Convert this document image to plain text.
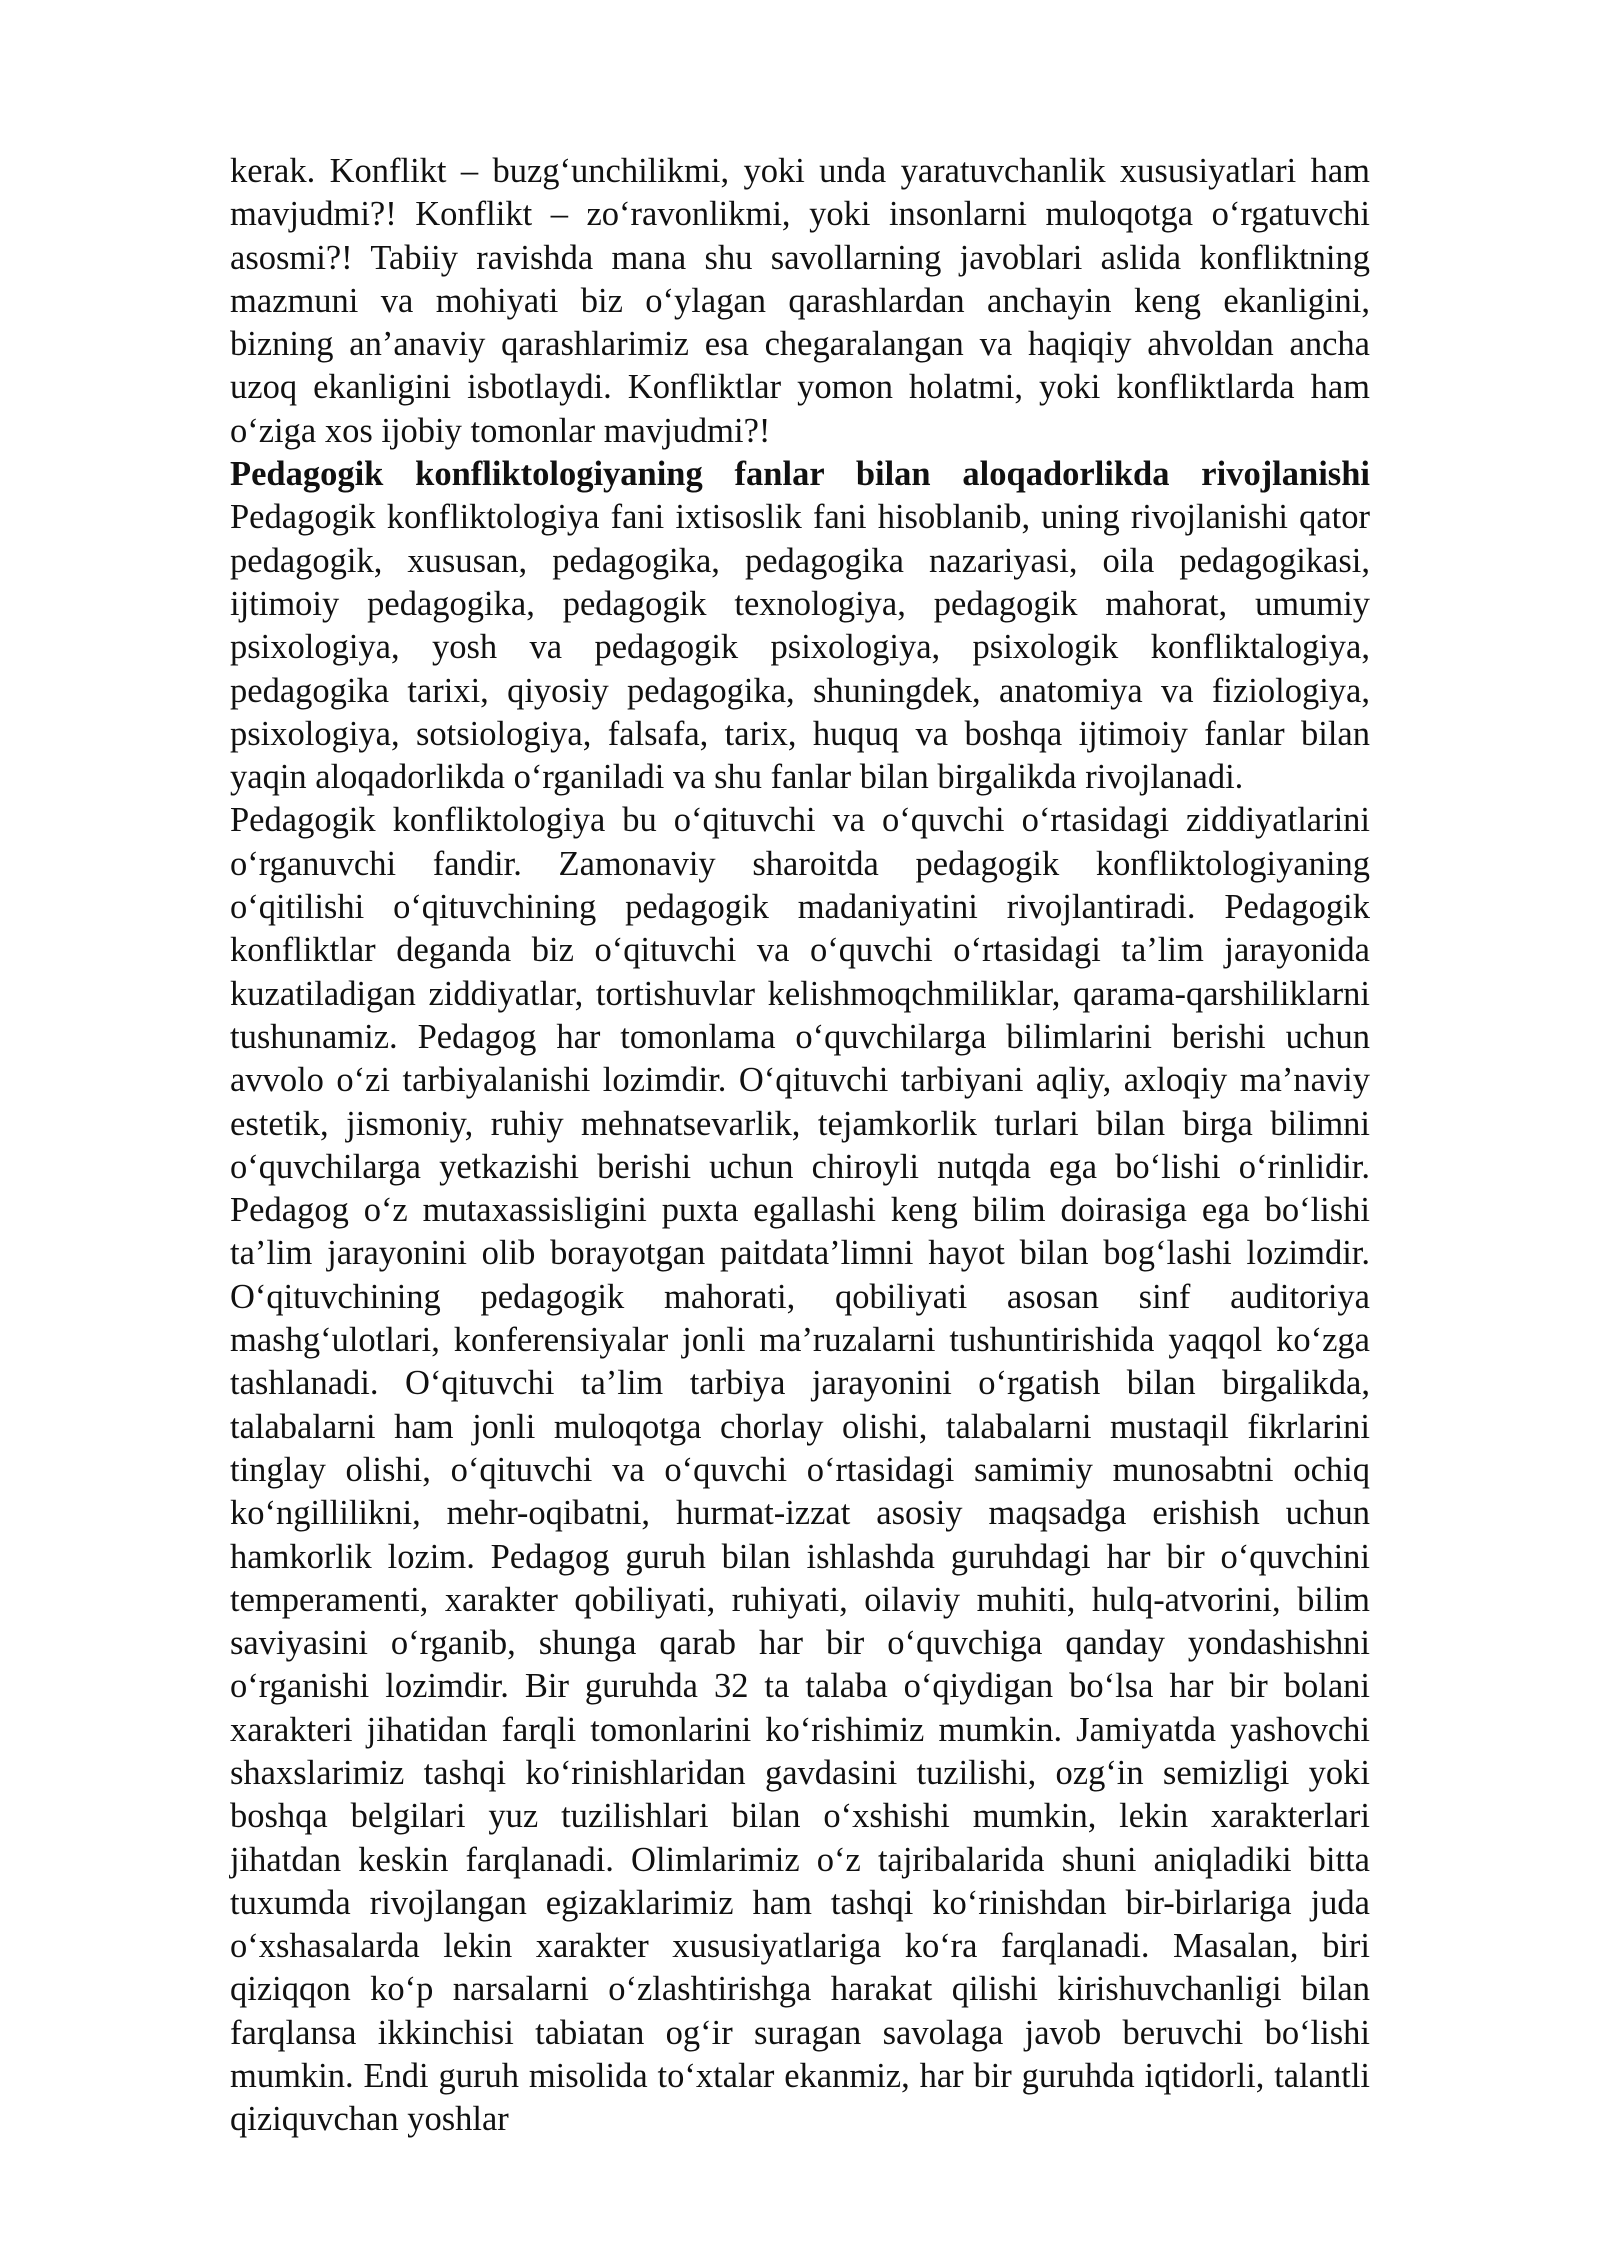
kerak. Konflikt – buzg‘unchilikmi, yoki unda yaratuvchanlik xususiyatlari ham mavjudmi?! Konflikt – zo‘ravonlikmi, yoki insonlarni muloqotga o‘rgatuvchi asosmi?! Tabiiy ravishda mana shu savollarning javoblari aslida konfliktning mazmuni va mohiyati biz o‘ylagan qarashlardan anchayin keng ekanligini, bizning an’anaviy qarashlarimiz esa chegaralangan va haqiqiy ahvoldan ancha uzoq ekanligini isbotlaydi. Konfliktlar yomon holatmi, yoki konfliktlarda ham o‘ziga xos ijobiy tomonlar mavjudmi?!

Pedagogik konfliktologiyaning fanlar bilan aloqadorlikda rivojlanishi

Pedagogik konfliktologiya fani ixtisoslik fani hisoblanib, uning rivojlanishi qator pedagogik, xususan, pedagogika, pedagogika nazariyasi, oila pedagogikasi, ijtimoiy pedagogika, pedagogik texnologiya, pedagogik mahorat, umumiy psixologiya, yosh va pedagogik psixologiya, psixologik konfliktalogiya, pedagogika tarixi, qiyosiy pedagogika, shuningdek, anatomiya va fiziologiya, psixologiya, sotsiologiya, falsafa, tarix, huquq va boshqa ijtimoiy fanlar bilan yaqin aloqadorlikda o‘rganiladi va shu fanlar bilan birgalikda rivojlanadi.

Pedagogik konfliktologiya bu o‘qituvchi va o‘quvchi o‘rtasidagi ziddiyatlarini o‘rganuvchi fandir. Zamonaviy sharoitda pedagogik konfliktologiyaning o‘qitilishi o‘qituvchining pedagogik madaniyatini rivojlantiradi. Pedagogik konfliktlar deganda biz o‘qituvchi va o‘quvchi o‘rtasidagi ta’lim jarayonida kuzatiladigan ziddiyatlar, tortishuvlar kelishmoqchmiliklar, qarama-qarshiliklarni tushunamiz. Pedagog har tomonlama o‘quvchilarga bilimlarini berishi uchun avvolo o‘zi tarbiyalanishi lozimdir. O‘qituvchi tarbiyani aqliy, axloqiy ma’naviy estetik, jismoniy, ruhiy mehnatsevarlik, tejamkorlik turlari bilan birga bilimni o‘quvchilarga yetkazishi berishi uchun chiroyli nutqda ega bo‘lishi o‘rinlidir. Pedagog o‘z mutaxassisligini puxta egallashi keng bilim doirasiga ega bo‘lishi ta’lim jarayonini olib borayotgan paitdata’limni hayot bilan bog‘lashi lozimdir. O‘qituvchining pedagogik mahorati, qobiliyati asosan sinf auditoriya mashg‘ulotlari, konferensiyalar jonli ma’ruzalarni tushuntirishida yaqqol ko‘zga tashlanadi. O‘qituvchi ta’lim tarbiya jarayonini o‘rgatish bilan birgalikda, talabalarni ham jonli muloqotga chorlay olishi, talabalarni mustaqil fikrlarini tinglay olishi, o‘qituvchi va o‘quvchi o‘rtasidagi samimiy munosabtni ochiq ko‘ngillilikni, mehr-oqibatni, hurmat-izzat asosiy maqsadga erishish uchun hamkorlik lozim. Pedagog guruh bilan ishlashda guruhdagi har bir o‘quvchini temperamenti, xarakter qobiliyati, ruhiyati, oilaviy muhiti, hulq-atvorini, bilim saviyasini o‘rganib, shunga qarab har bir o‘quvchiga qanday yondashishni o‘rganishi lozimdir. Bir guruhda 32 ta talaba o‘qiydigan bo‘lsa har bir bolani xarakteri jihatidan farqli tomonlarini ko‘rishimiz mumkin. Jamiyatda yashovchi shaxslarimiz tashqi ko‘rinishlaridan gavdasini tuzilishi, ozg‘in semizligi yoki boshqa belgilari yuz tuzilishlari bilan o‘xshishi mumkin, lekin xarakterlari jihatdan keskin farqlanadi. Olimlarimiz o‘z tajribalarida shuni aniqladiki bitta tuxumda rivojlangan egizaklarimiz ham tashqi ko‘rinishdan bir-birlariga juda o‘xshasalarda lekin xarakter xususiyatlariga ko‘ra farqlanadi. Masalan, biri qiziqqon ko‘p narsalarni o‘zlashtirishga harakat qilishi kirishuvchanligi bilan farqlansa ikkinchisi tabiatan og‘ir suragan savolaga javob beruvchi bo‘lishi mumkin. Endi guruh misolida to‘xtalar ekanmiz, har bir guruhda iqtidorli, talantli qiziquvchan yoshlar
